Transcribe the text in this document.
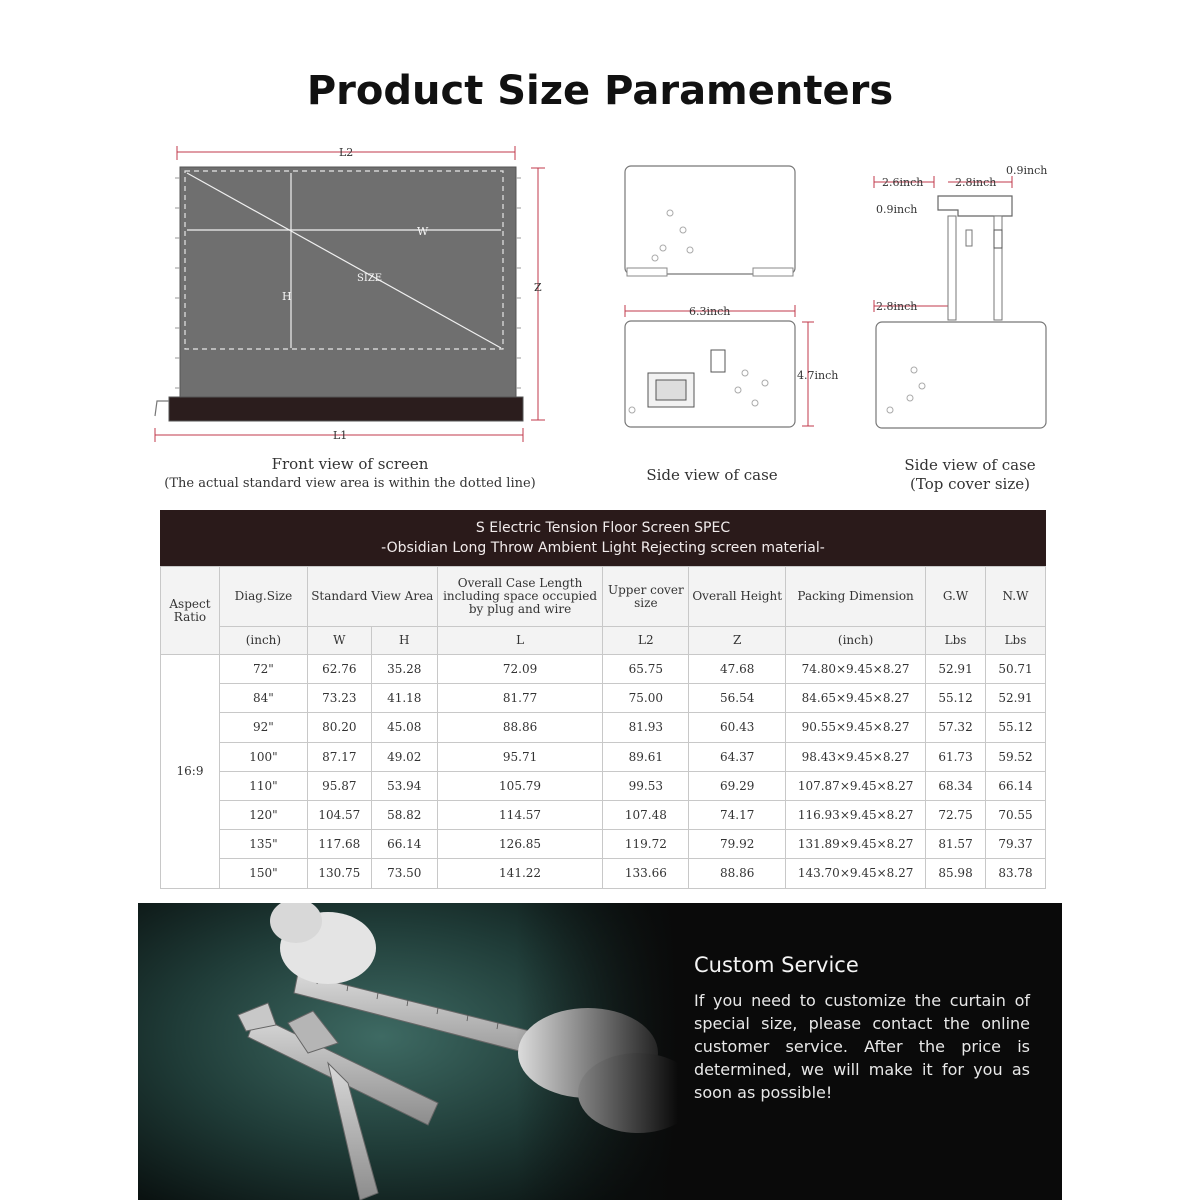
Product Size Paramenters
W
H
SIZE
L2
L1
Z
Front view of screen
(The actual standard view area is within the dotted line)
6.3inch
4.7inch
Side view of case
2.6inch	2.8inch
0.9inch
0.9inch
2.8inch
Side view of case
(Top cover size)
S Electric Tension Floor Screen SPEC
-Obsidian Long Throw Ambient Light Rejecting screen material-
Aspect Ratio	Diag.Size	Standard View Area		Overall Case Length including space occupied by plug and wire	Upper cover size	Overall Height	Packing Dimension	G.W	N.W
	(inch)	W	H	L	L2	Z	(inch)	Lbs	Lbs
16:9	72"	62.76	35.28	72.09	65.75	47.68	74.80×9.45×8.27	52.91	50.71
	84"	73.23	41.18	81.77	75.00	56.54	84.65×9.45×8.27	55.12	52.91
	92"	80.20	45.08	88.86	81.93	60.43	90.55×9.45×8.27	57.32	55.12
	100"	87.17	49.02	95.71	89.61	64.37	98.43×9.45×8.27	61.73	59.52
	110"	95.87	53.94	105.79	99.53	69.29	107.87×9.45×8.27	68.34	66.14
	120"	104.57	58.82	114.57	107.48	74.17	116.93×9.45×8.27	72.75	70.55
	135"	117.68	66.14	126.85	119.72	79.92	131.89×9.45×8.27	81.57	79.37
	150"	130.75	73.50	141.22	133.66	88.86	143.70×9.45×8.27	85.98	83.78
Custom Service
If you need to customize the curtain of special size, please contact the online customer service. After the price is determined, we will make it for you as soon as possible!
